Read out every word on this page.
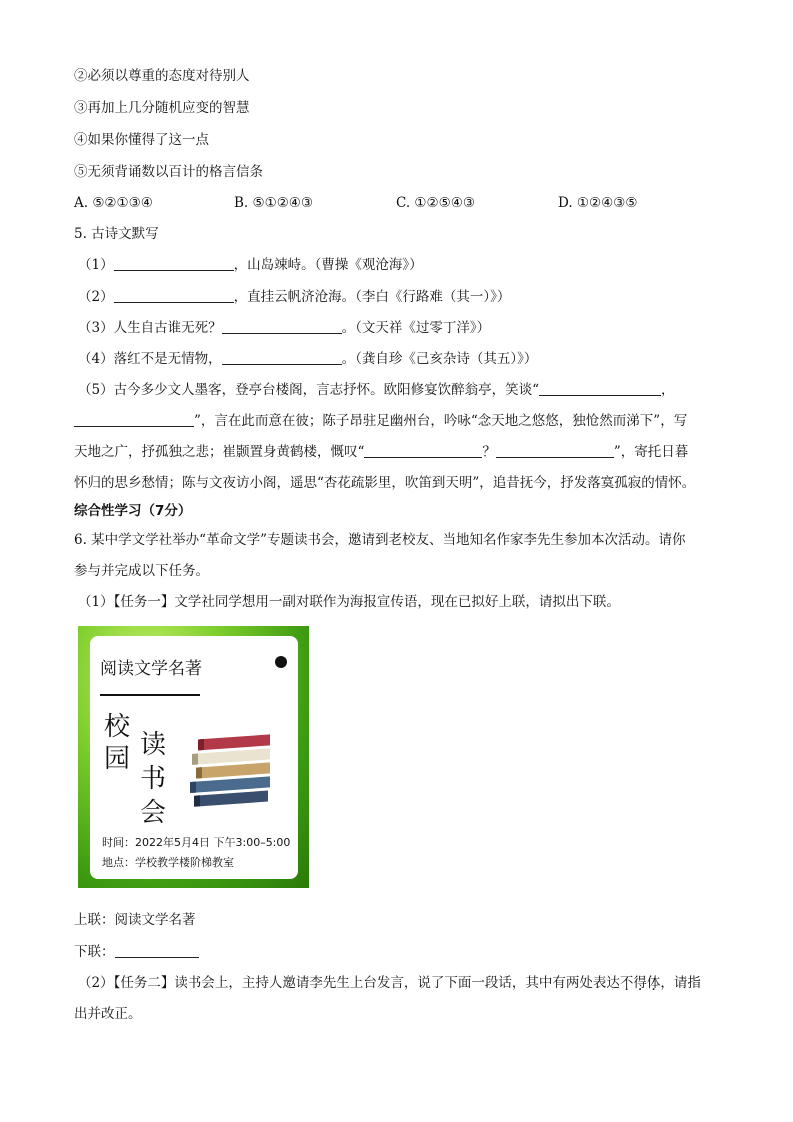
②必须以尊重的态度对待别人
③再加上几分随机应变的智慧
④如果你懂得了这一点
⑤无须背诵数以百计的格言信条
A. ⑤②①③④	B. ⑤①②④③	C. ①②⑤④③	D. ①②④③⑤
5. 古诗文默写
（1）	，山岛竦峙。（曹操《观沧海》）
（2）	，直挂云帆济沧海。（李白《行路难（其一）》）
（3）人生自古谁无死？	。（文天祥《过零丁洋》）
（4）落红不是无情物，	。（龚自珍《己亥杂诗（其五）》）
（5）古今多少文人墨客，登亭台楼阁，言志抒怀。欧阳修宴饮醉翁亭，笑谈“	，
”，言在此而意在彼；陈子昂驻足幽州台，吟咏“念天地之悠悠，独怆然而涕下”，写
天地之广，抒孤独之悲；崔颢置身黄鹤楼，慨叹“	？	”，寄托日暮
怀归的思乡愁情；陈与文夜访小阁，遥思“杏花疏影里，吹笛到天明”，追昔抚今，抒发落寞孤寂的情怀。
综合性学习（7分）
6. 某中学文学社举办“革命文学”专题读书会，邀请到老校友、当地知名作家李先生参加本次活动。请你
参与并完成以下任务。
（1）【任务一】文学社同学想用一副对联作为海报宣传语，现在已拟好上联，请拟出下联。
阅读文学名著
校
园 读
书
会
时间：2022年5月4日 下午3:00–5:00
地点：学校教学楼阶梯教室
上联：阅读文学名著
下联：
（2）【任务二】读书会上，主持人邀请李先生上台发言，说了下面一段话，其中有两处表达不得体，请指
出并改正。
